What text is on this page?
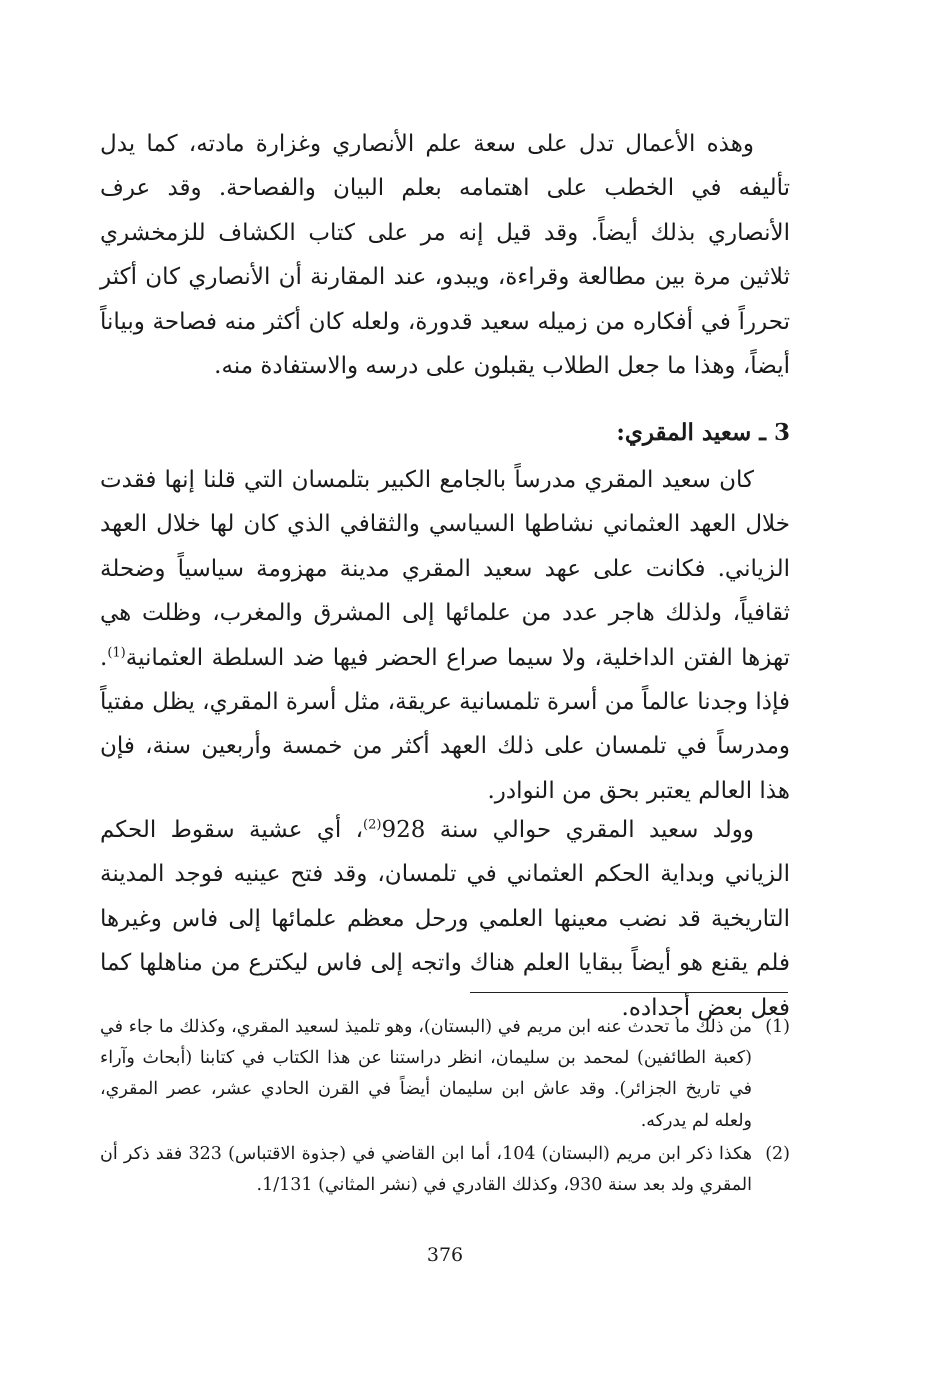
وهذه الأعمال تدل على سعة علم الأنصاري وغزارة مادته، كما يدل تأليفه في الخطب على اهتمامه بعلم البيان والفصاحة. وقد عرف الأنصاري بذلك أيضاً. وقد قيل إنه مر على كتاب الكشاف للزمخشري ثلاثين مرة بين مطالعة وقراءة، ويبدو، عند المقارنة أن الأنصاري كان أكثر تحرراً في أفكاره من زميله سعيد قدورة، ولعله كان أكثر منه فصاحة وبياناً أيضاً، وهذا ما جعل الطلاب يقبلون على درسه والاستفادة منه.

3 ـ سعيد المقري:

كان سعيد المقري مدرساً بالجامع الكبير بتلمسان التي قلنا إنها فقدت خلال العهد العثماني نشاطها السياسي والثقافي الذي كان لها خلال العهد الزياني. فكانت على عهد سعيد المقري مدينة مهزومة سياسياً وضحلة ثقافياً، ولذلك هاجر عدد من علمائها إلى المشرق والمغرب، وظلت هي تهزها الفتن الداخلية، ولا سيما صراع الحضر فيها ضد السلطة العثمانية$^{(1)}$. فإذا وجدنا عالماً من أسرة تلمسانية عريقة، مثل أسرة المقري، يظل مفتياً ومدرساً في تلمسان على ذلك العهد أكثر من خمسة وأربعين سنة، فإن هذا العالم يعتبر بحق من النوادر.

وولد سعيد المقري حوالي سنة 928$^{(2)}$، أي عشية سقوط الحكم الزياني وبداية الحكم العثماني في تلمسان، وقد فتح عينيه فوجد المدينة التاريخية قد نضب معينها العلمي ورحل معظم علمائها إلى فاس وغيرها فلم يقنع هو أيضاً ببقايا العلم هناك واتجه إلى فاس ليكترع من مناهلها كما فعل بعض أجداده.

(1)
من ذلك ما تحدث عنه ابن مريم في (البستان)، وهو تلميذ لسعيد المقري، وكذلك ما جاء في (كعبة الطائفين) لمحمد بن سليمان، انظر دراستنا عن هذا الكتاب في كتابنا (أبحاث وآراء في تاريخ الجزائر). وقد عاش ابن سليمان أيضاً في القرن الحادي عشر، عصر المقري، ولعله لم يدركه.
(2)
هكذا ذكر ابن مريم (البستان) 104، أما ابن القاضي في (جذوة الاقتباس) 323 فقد ذكر أن المقري ولد بعد سنة 930، وكذلك القادري في (نشر المثاني) 1/131.
376
